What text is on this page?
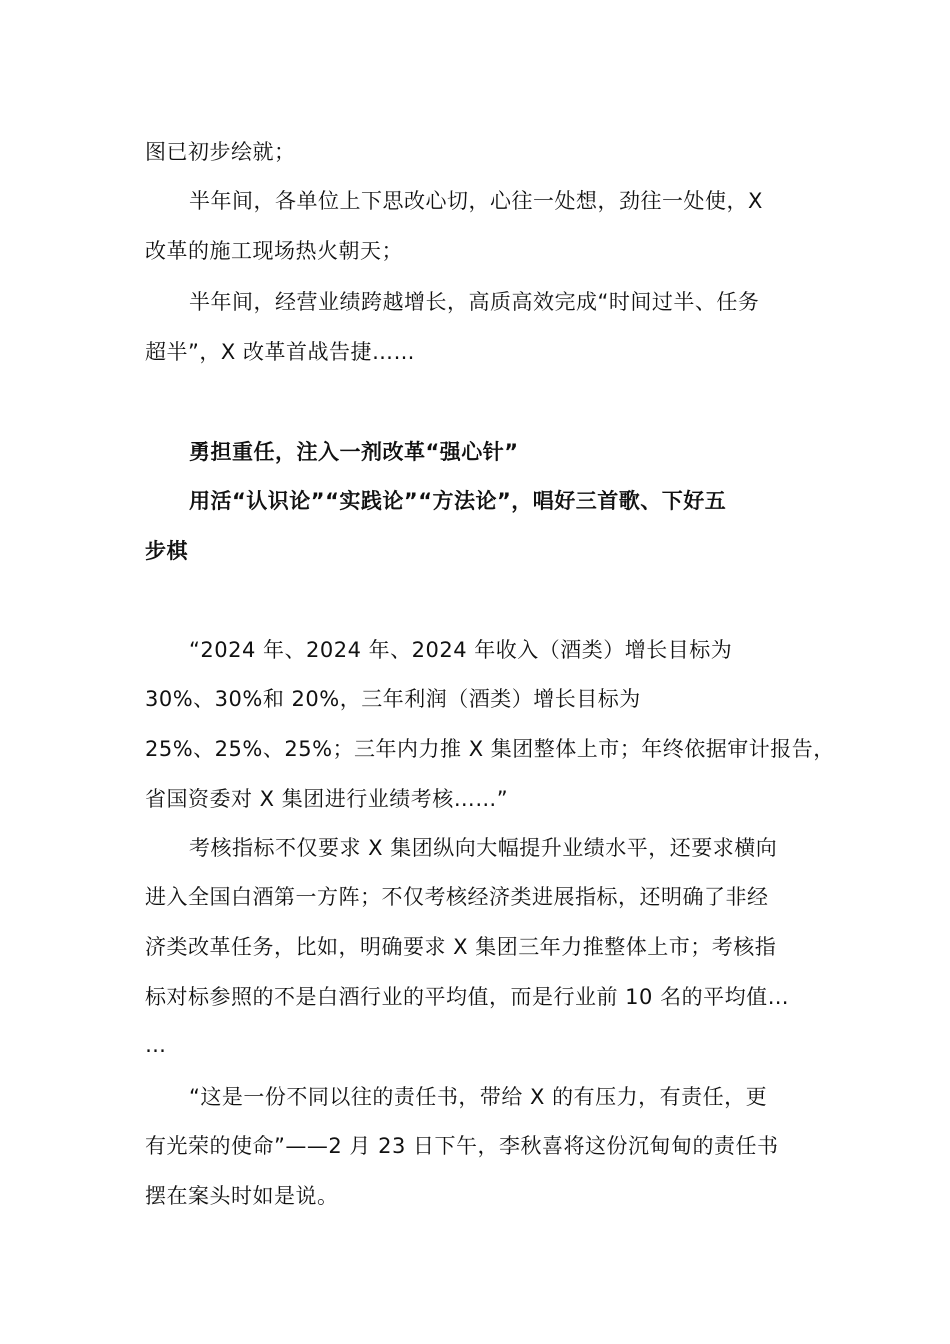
图已初步绘就；
半年间，各单位上下思改心切，心往一处想，劲往一处使，X
改革的施工现场热火朝天；
半年间，经营业绩跨越增长，高质高效完成“时间过半、任务
超半”，X 改革首战告捷……
勇担重任，注入一剂改革“强心针”
用活“认识论”“实践论”“方法论”，唱好三首歌、下好五
步棋
“2024 年、2024 年、2024 年收入（酒类）增长目标为
30%、30%和 20%，三年利润（酒类）增长目标为
25%、25%、25%；三年内力推 X 集团整体上市；年终依据审计报告，
省国资委对 X 集团进行业绩考核……”
考核指标不仅要求 X 集团纵向大幅提升业绩水平，还要求横向
进入全国白酒第一方阵；不仅考核经济类进展指标，还明确了非经
济类改革任务，比如，明确要求 X 集团三年力推整体上市；考核指
标对标参照的不是白酒行业的平均值，而是行业前 10 名的平均值…
…
“这是一份不同以往的责任书，带给 X 的有压力，有责任，更
有光荣的使命”——2 月 23 日下午，李秋喜将这份沉甸甸的责任书
摆在案头时如是说。
